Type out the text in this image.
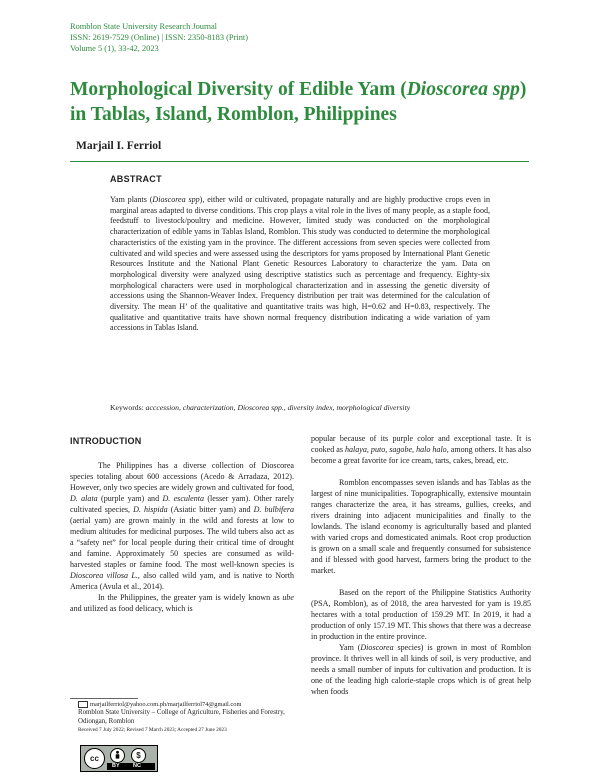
Romblon State University Research Journal
ISSN: 2619-7529 (Online) | ISSN: 2350-8183 (Print)
Volume 5 (1), 33-42, 2023
Morphological Diversity of Edible Yam (Dioscorea spp) in Tablas, Island, Romblon, Philippines
Marjail I. Ferriol
ABSTRACT

Yam plants (Dioscorea spp), either wild or cultivated, propagate naturally and are highly productive crops even in marginal areas adapted to diverse conditions. This crop plays a vital role in the lives of many people, as a staple food, feedstuff to livestock/poultry and medicine. However, limited study was conducted on the morphological characterization of edible yams in Tablas Island, Romblon. This study was conducted to determine the morphological characteristics of the existing yam in the province. The different accessions from seven species were collected from cultivated and wild species and were assessed using the descriptors for yams proposed by International Plant Genetic Resources Institute and the National Plant Genetic Resources Laboratory to characterize the yam. Data on morphological diversity were analyzed using descriptive statistics such as percentage and frequency. Eighty-six morphological characters were used in morphological characterization and in assessing the genetic diversity of accessions using the Shannon-Weaver Index. Frequency distribution per trait was determined for the calculation of diversity. The mean H’ of the qualitative and quantitative traits was high, H=0.62 and H=0.83, respectively. The qualitative and quantitative traits have shown normal frequency distribution indicating a wide variation of yam accessions in Tablas Island.

Keywords: acccession, characterization, Dioscorea spp., diversity index, morphological diversity
INTRODUCTION

The Philippines has a diverse collection of Dioscorea species totaling about 600 accessions (Acedo & Arradaza, 2012). However, only two species are widely grown and cultivated for food, D. alata (purple yam) and D. esculenta (lesser yam). Other rarely cultivated species, D. hispida (Asiatic bitter yam) and D. bulbifera (aerial yam) are grown mainly in the wild and forests at low to medium altitudes for medicinal purposes. The wild tubers also act as a “safety net” for local people during their critical time of drought and famine. Approximately 50 species are consumed as wild-harvested staples or famine food. The most well-known species is Dioscorea villosa L., also called wild yam, and is native to North America (Avula et al., 2014).

In the Philippines, the greater yam is widely known as ube and utilized as food delicacy, which is

popular because of its purple color and exceptional taste. It is cooked as halaya, puto, sagobe, halo halo, among others. It has also become a great favorite for ice cream, tarts, cakes, bread, etc.

Romblon encompasses seven islands and has Tablas as the largest of nine municipalities. Topographically, extensive mountain ranges characterize the area, it has streams, gullies, creeks, and rivers draining into adjacent municipalities and finally to the lowlands. The island economy is agriculturally based and planted with varied crops and domesticated animals. Root crop production is grown on a small scale and frequently consumed for subsistence and if blessed with good harvest, farmers bring the product to the market.

Based on the report of the Philippine Statistics Authority (PSA, Romblon), as of 2018, the area harvested for yam is 19.85 hectares with a total production of 159.29 MT. In 2019, it had a production of only 157.19 MT. This shows that there was a decrease in production in the entire province.

Yam (Dioscorea species) is grown in most of Romblon province. It thrives well in all kinds of soil, is very productive, and needs a small number of inputs for cultivation and production. It is one of the leading high calorie-staple crops which is of great help when foods

marjailferriol@yahoo.com.ph/marjailferriol74@gmail.com
Romblon State University – College of Agriculture, Fisheries and Forestry, Odiongan, Romblon
Received 7 July 2022; Revised 7 March 2023; Accepted 27 June 2023
cc	$
BY NC
